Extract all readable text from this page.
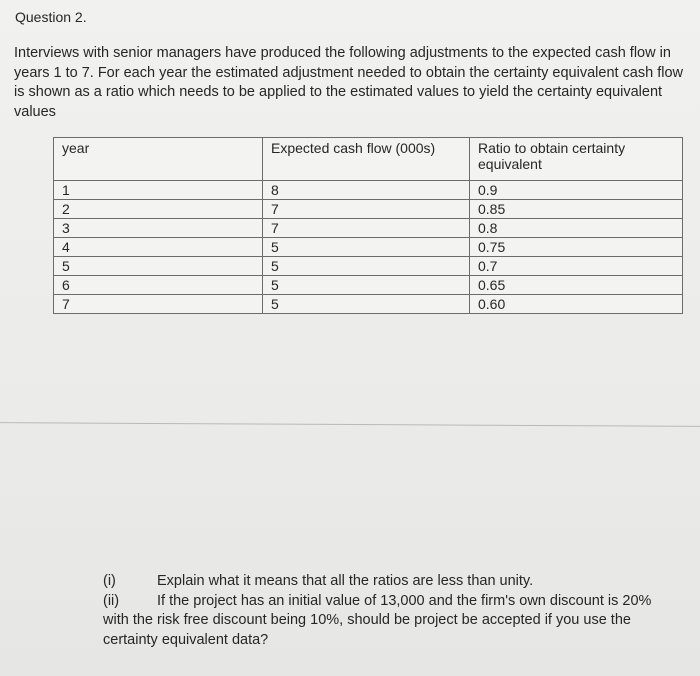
Question 2.
Interviews with senior managers have produced the following adjustments to the expected cash flow in years 1 to 7. For each year the estimated adjustment needed to obtain the certainty equivalent cash flow is shown as a ratio which needs to be applied to the estimated values to yield the certainty equivalent values
year	Expected cash flow (000s)	Ratio to obtain certainty equivalent
1	8	0.9
2	7	0.85
3	7	0.8
4	5	0.75
5	5	0.7
6	5	0.65
7	5	0.60
(i)	Explain what it means that all the ratios are less than unity.
(ii)	If the project has an initial value of 13,000 and the firm's own discount is 20%
with the risk free discount being 10%, should be project be accepted if you use the certainty equivalent data?
